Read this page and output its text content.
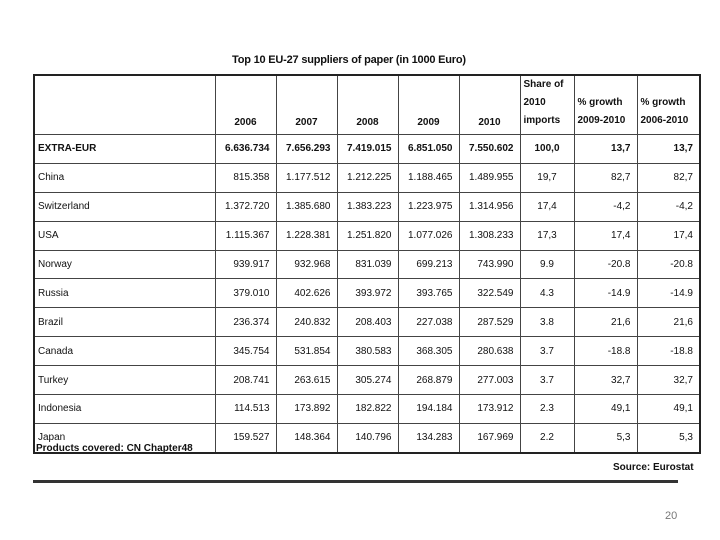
Top 10 EU-27 suppliers of paper (in 1000 Euro)
	2006	2007	2008	2009	2010	Share of 2010 imports	% growth 2009-2010	% growth 2006-2010
EXTRA-EUR	6.636.734	7.656.293	7.419.015	6.851.050	7.550.602	100,0	13,7	13,7
China	815.358	1.177.512	1.212.225	1.188.465	1.489.955	19,7	82,7	82,7
Switzerland	1.372.720	1.385.680	1.383.223	1.223.975	1.314.956	17,4	-4,2	-4,2
USA	1.115.367	1.228.381	1.251.820	1.077.026	1.308.233	17,3	17,4	17,4
Norway	939.917	932.968	831.039	699.213	743.990	9.9	-20.8	-20.8
Russia	379.010	402.626	393.972	393.765	322.549	4.3	-14.9	-14.9
Brazil	236.374	240.832	208.403	227.038	287.529	3.8	21,6	21,6
Canada	345.754	531.854	380.583	368.305	280.638	3.7	-18.8	-18.8
Turkey	208.741	263.615	305.274	268.879	277.003	3.7	32,7	32,7
Indonesia	114.513	173.892	182.822	194.184	173.912	2.3	49,1	49,1
Japan	159.527	148.364	140.796	134.283	167.969	2.2	5,3	5,3
Products covered: CN Chapter48
Source: Eurostat
20
